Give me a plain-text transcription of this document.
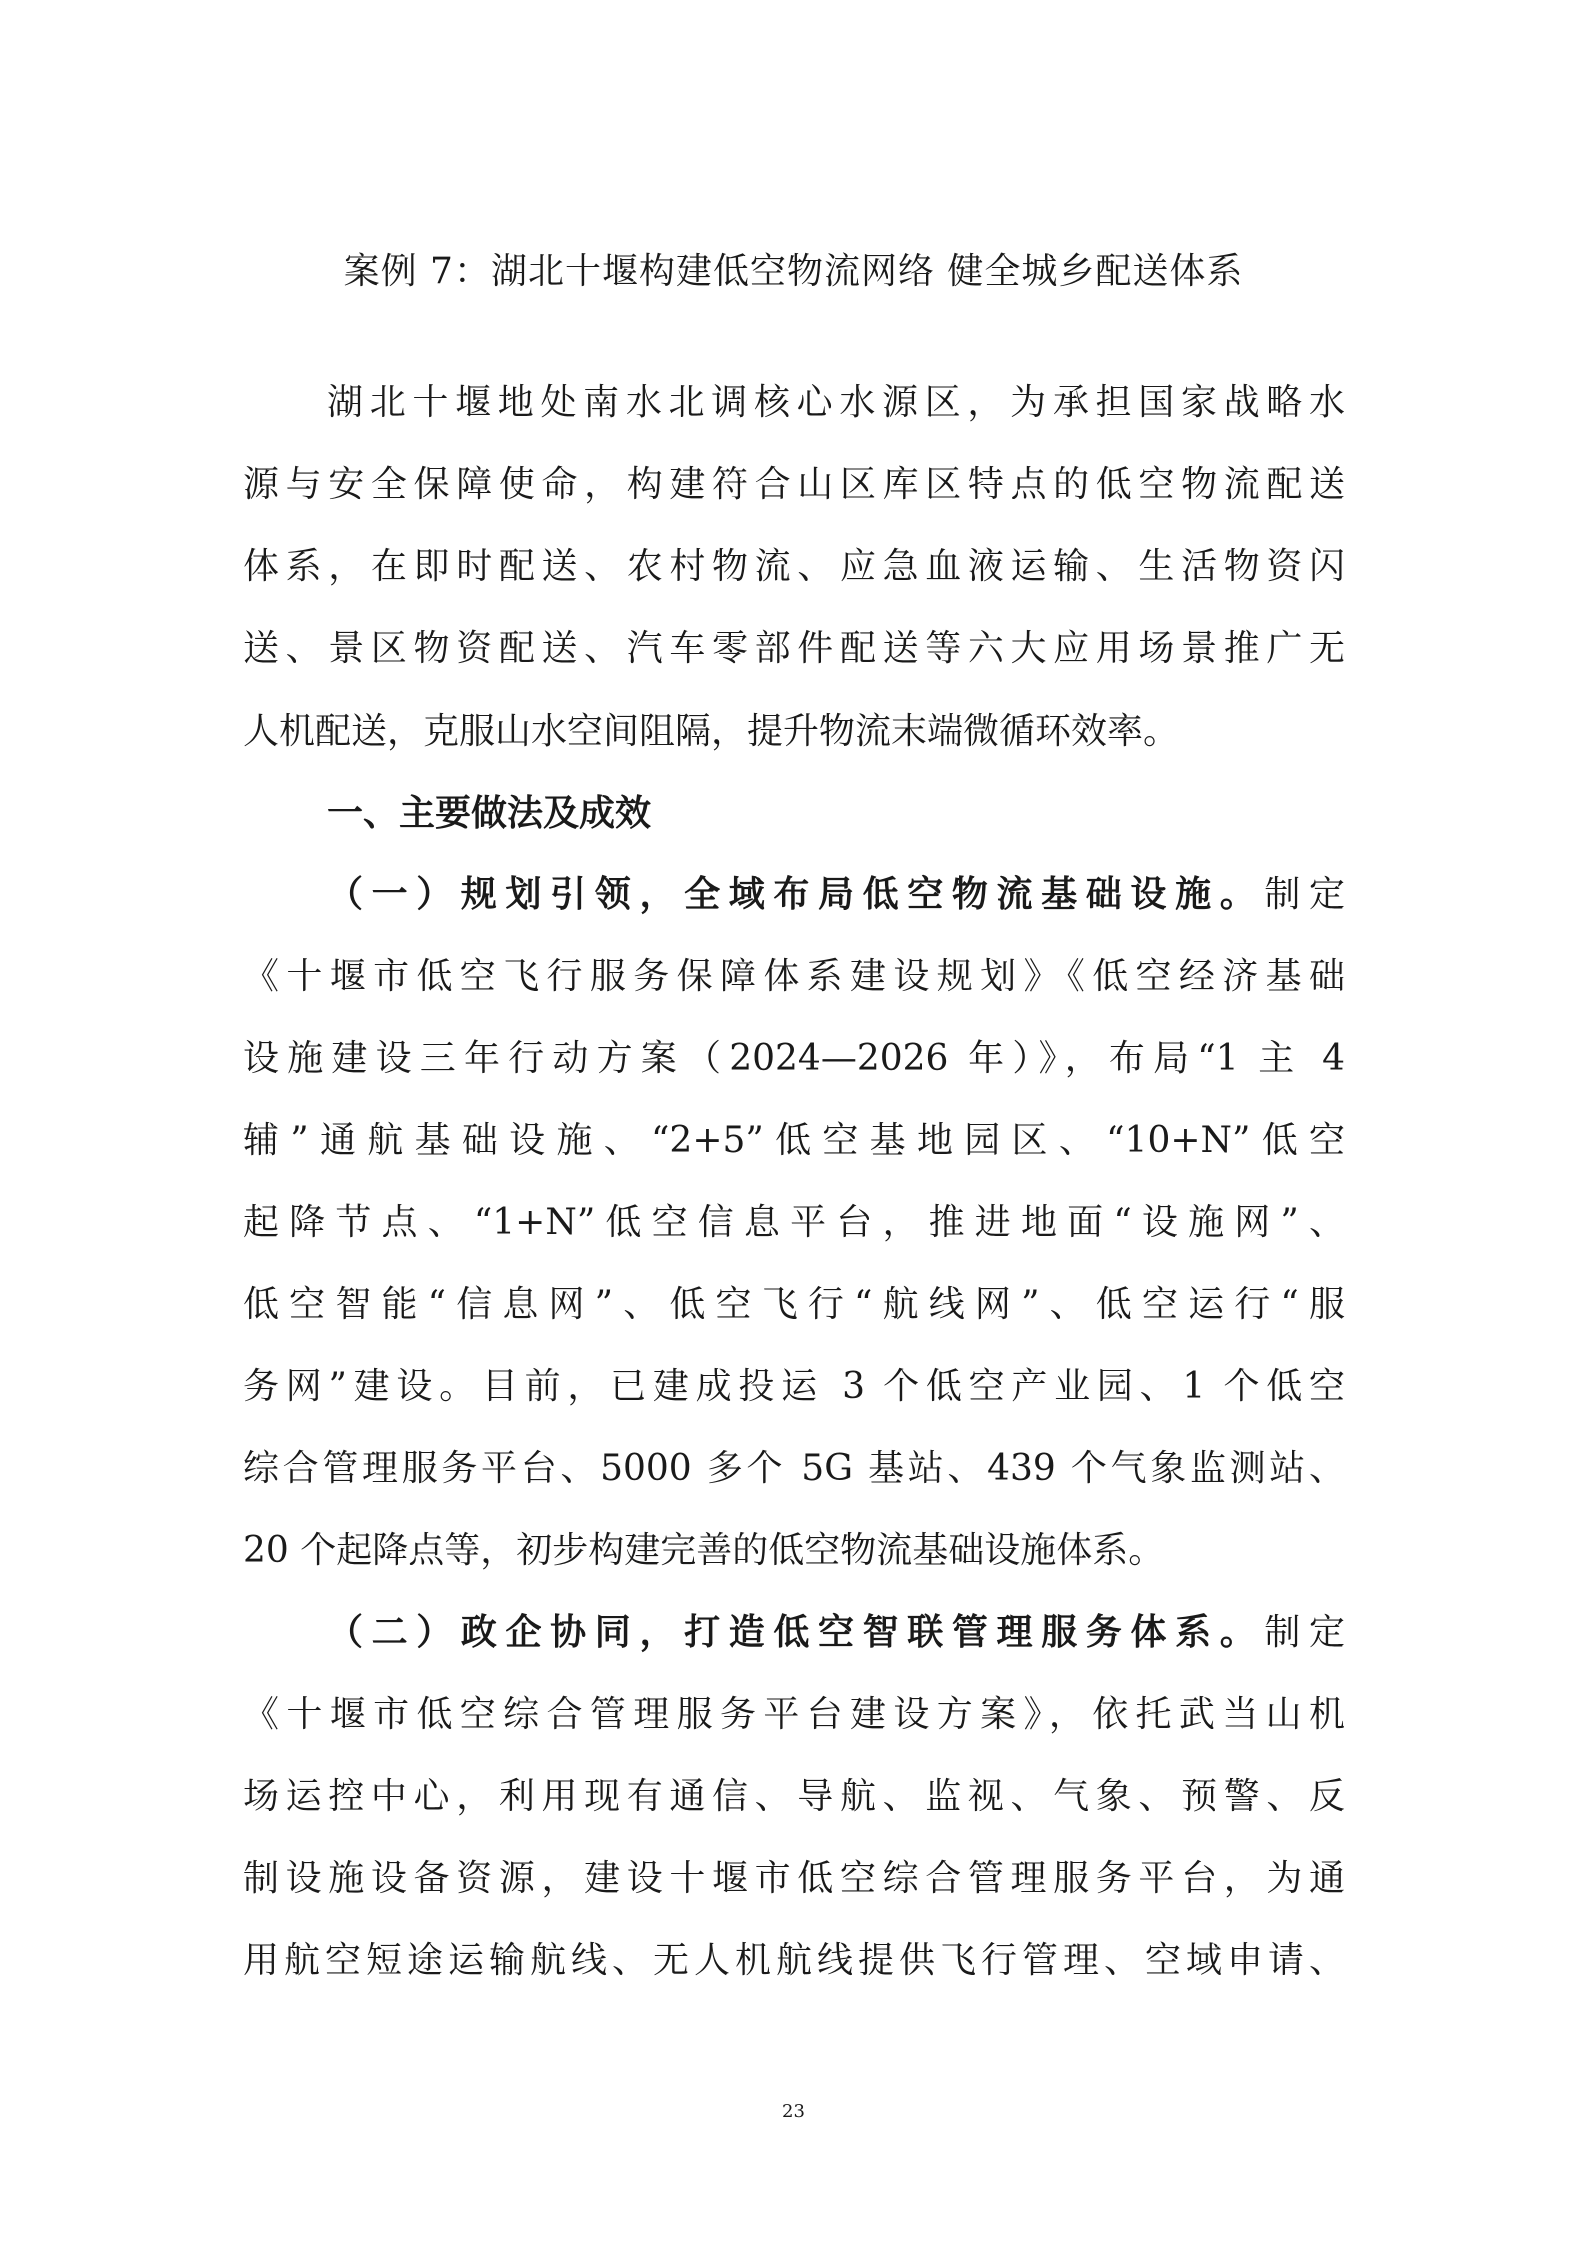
案例 7：湖北十堰构建低空物流网络 健全城乡配送体系
湖北十堰地处南水北调核心水源区，为承担国家战略水
源与安全保障使命，构建符合山区库区特点的低空物流配送
体系，在即时配送、农村物流、应急血液运输、生活物资闪
送、景区物资配送、汽车零部件配送等六大应用场景推广无
人机配送，克服山水空间阻隔，提升物流末端微循环效率。
一、主要做法及成效
（一）规划引领，全域布局低空物流基础设施。制定
《十堰市低空飞行服务保障体系建设规划》《低空经济基础
设施建设三年行动方案（2024—2026 年）》，布局“1 主 4
辅”通航基础设施、“2+5”低空基地园区、“10+N”低空
起降节点、“1+N”低空信息平台，推进地面“设施网”、
低空智能“信息网”、低空飞行“航线网”、低空运行“服
务网”建设。目前，已建成投运 3 个低空产业园、1 个低空
综合管理服务平台、5000 多个 5G 基站、439 个气象监测站、
20 个起降点等，初步构建完善的低空物流基础设施体系。
（二）政企协同，打造低空智联管理服务体系。制定
《十堰市低空综合管理服务平台建设方案》，依托武当山机
场运控中心，利用现有通信、导航、监视、气象、预警、反
制设施设备资源，建设十堰市低空综合管理服务平台，为通
用航空短途运输航线、无人机航线提供飞行管理、空域申请、
23
